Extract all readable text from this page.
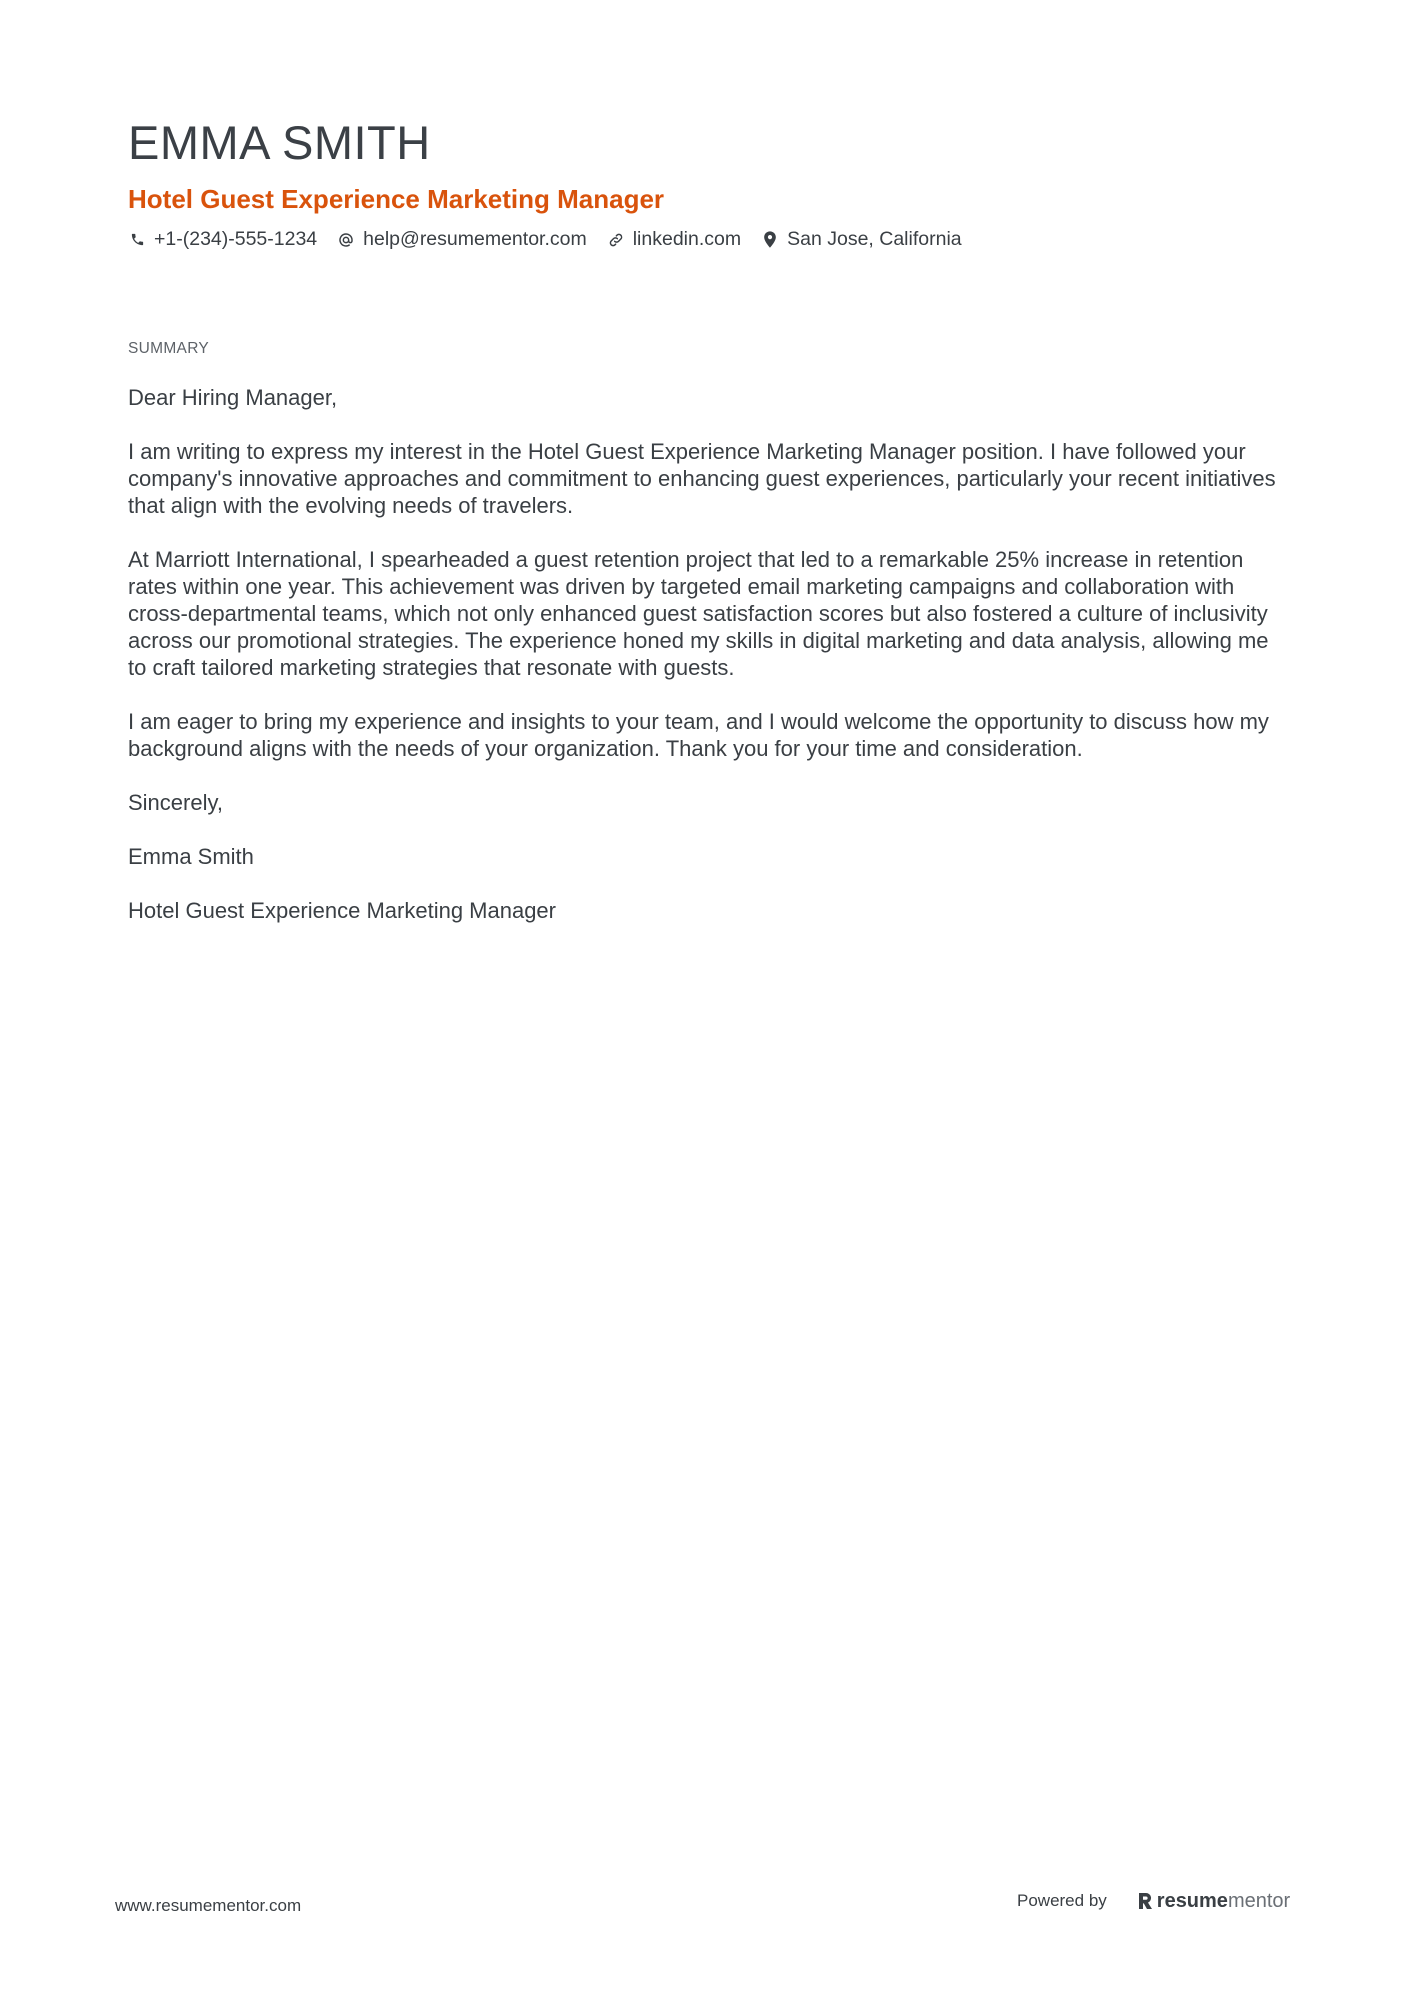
EMMA SMITH
Hotel Guest Experience Marketing Manager
+1-(234)-555-1234 help@resumementor.com linkedin.com San Jose, California
SUMMARY

Dear Hiring Manager,

I am writing to express my interest in the Hotel Guest Experience Marketing Manager position. I have followed your company's innovative approaches and commitment to enhancing guest experiences, particularly your recent initiatives that align with the evolving needs of travelers.

At Marriott International, I spearheaded a guest retention project that led to a remarkable 25% increase in retention rates within one year. This achievement was driven by targeted email marketing campaigns and collaboration with cross-departmental teams, which not only enhanced guest satisfaction scores but also fostered a culture of inclusivity across our promotional strategies. The experience honed my skills in digital marketing and data analysis, allowing me to craft tailored marketing strategies that resonate with guests.

I am eager to bring my experience and insights to your team, and I would welcome the opportunity to discuss how my background aligns with the needs of your organization. Thank you for your time and consideration.

Sincerely,

Emma Smith

Hotel Guest Experience Marketing Manager

www.resumementor.com	Powered by	resume mentor
